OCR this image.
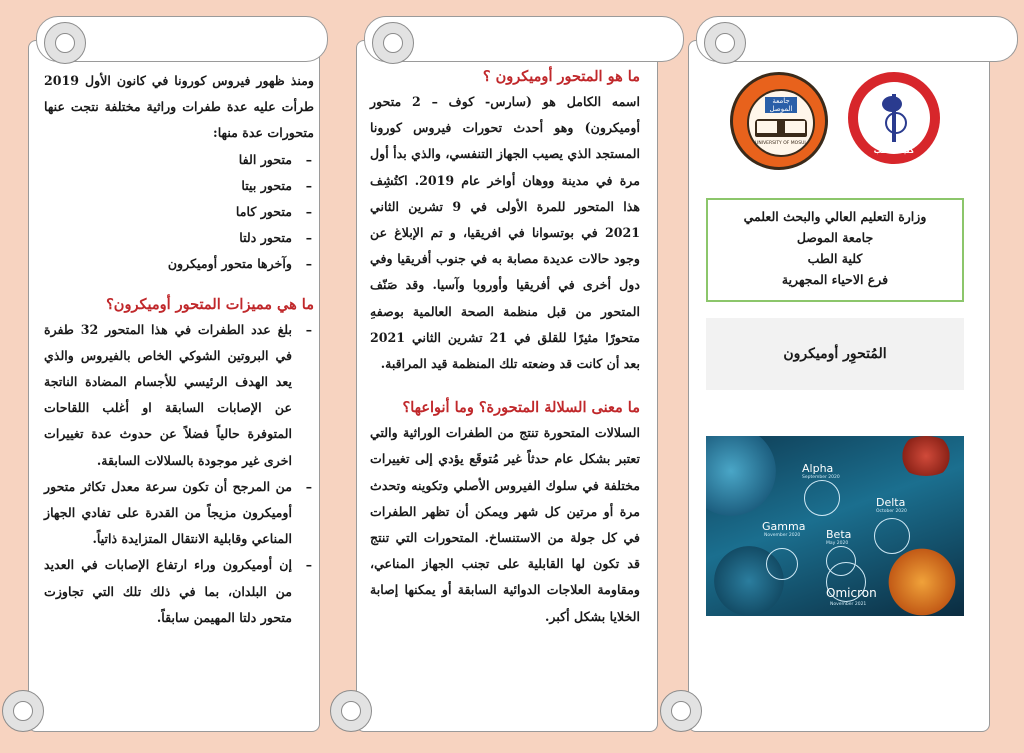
ومنذ ظهور فيروس كورونا في كانون الأول 2019 طرأت عليه عدة طفرات وراثية مختلفة نتجت عنها متحورات عدة منها:

– متحور الفا
– متحور بيتا
– متحور كاما
– متحور دلتا
– وآخرها متحور أوميكرون
ما هي مميزات المتحور أوميكرون؟
– بلغ عدد الطفرات في هذا المتحور 32 طفرة في البروتين الشوكي الخاص بالفيروس والذي يعد الهدف الرئيسي للأجسام المضادة الناتجة عن الإصابات السابقة او أغلب اللقاحات المتوفرة حالياً فضلاً عن حدوث عدة تغييرات اخرى غير موجودة بالسلالات السابقة.
– من المرجح أن تكون سرعة معدل تكاثر متحور أوميكرون مزيجاً من القدرة على تفادي الجهاز المناعي وقابلية الانتقال المتزايدة ذاتياً.
– إن أوميكرون وراء ارتفاع الإصابات في العديد من البلدان، بما في ذلك تلك التي تجاوزت متحور دلتا المهيمن سابقاً.
ما هو المتحور أوميكرون ؟

اسمه الكامل هو (سارس- كوف – 2 متحور أوميكرون) وهو أحدث تحورات فيروس كورونا المستجد الذي يصيب الجهاز التنفسي، والذي بدأ أول مرة في مدينة ووهان أواخر عام 2019. اكتُشِف هذا المتحور للمرة الأولى في 9 تشرين الثاني 2021 في بوتسوانا في افريقيا، و تم الإبلاغ عن وجود حالات عديدة مصابة به في جنوب أفريقيا وفي دول أخرى في أفريقيا وأوروبا وآسيا. وقد صَنّف المتحور من قبل منظمة الصحة العالمية بوصفهِ متحورًا مثيرًا للقلق في 21 تشرين الثاني 2021 بعد أن كانت قد وضعته تلك المنظمة قيد المراقبة.

ما معنى السلالة المتحورة؟ وما أنواعها؟

السلالات المتحورة تنتج من الطفرات الوراثية والتي تعتبر بشكل عام حدثاً غير مُتوقَع يؤدي إلى تغييرات مختلفة في سلوك الفيروس الأصلي وتكوينه وتحدث مرة أو مرتين كل شهر ويمكن أن تظهر الطفرات في كل جولة من الاستنساخ. المتحورات التي تنتج قد تكون لها القابلية على تجنب الجهاز المناعي، ومقاومة العلاجات الدوائية السابقة أو يمكنها إصابة الخلايا بشكل أكبر.

جامعة الموصل
UNIVERSITY OF MOSUL
كلية الطب
وزارة التعليم العالي والبحث العلمي
جامعة الموصل
كلية الطب
فرع الاحياء المجهرية
المُتحوِر أوميكرون
Alpha
September 2020
Delta
October 2020
Gamma
November 2020 Beta
May 2020
Omicron
November 2021
